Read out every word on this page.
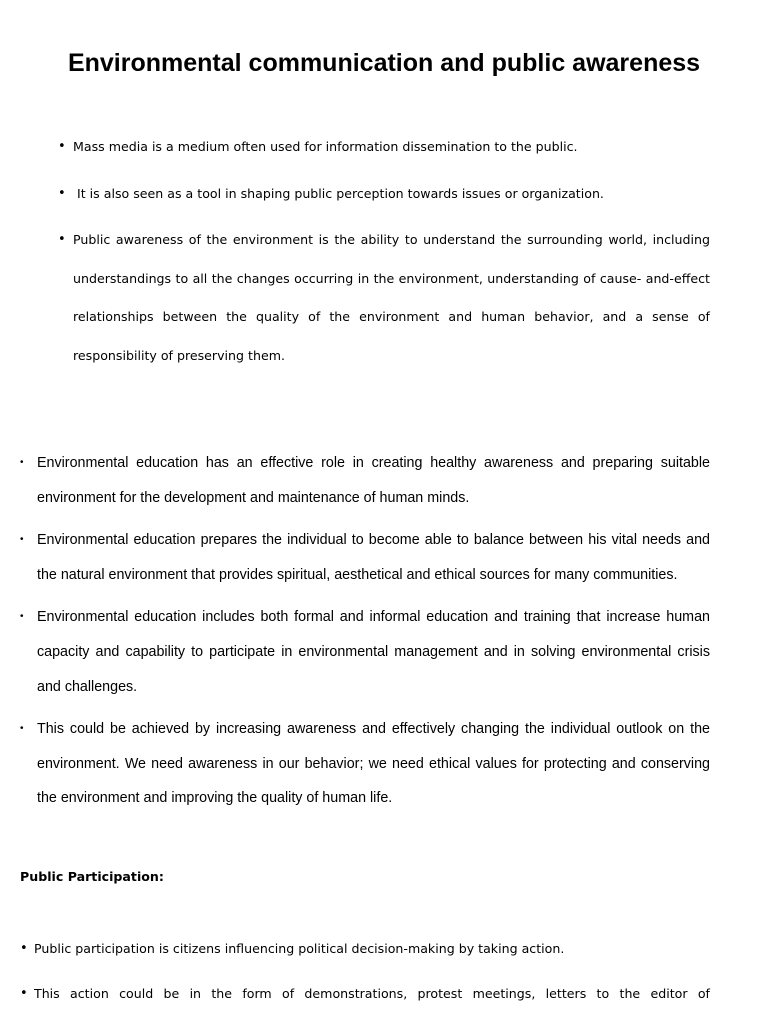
Environmental communication and public awareness
• Mass media is a medium often used for information dissemination to the public.
• It is also seen as a tool in shaping public perception towards issues or organization.
• Public awareness of the environment is the ability to understand the surrounding world, including understandings to all the changes occurring in the environment, understanding of cause- and-effect relationships between the quality of the environment and human behavior, and a sense of responsibility of preserving them.
• Environmental education has an effective role in creating healthy awareness and preparing suitable environment for the development and maintenance of human minds.
• Environmental education prepares the individual to become able to balance between his vital needs and the natural environment that provides spiritual, aesthetical and ethical sources for many communities.
• Environmental education includes both formal and informal education and training that increase human capacity and capability to participate in environmental management and in solving environmental crisis and challenges.
• This could be achieved by increasing awareness and effectively changing the individual outlook on the environment. We need awareness in our behavior; we need ethical values for protecting and conserving the environment and improving the quality of human life.
Public Participation:
• Public participation is citizens influencing political decision-making by taking action.
• This action could be in the form of demonstrations, protest meetings, letters to the editor of
